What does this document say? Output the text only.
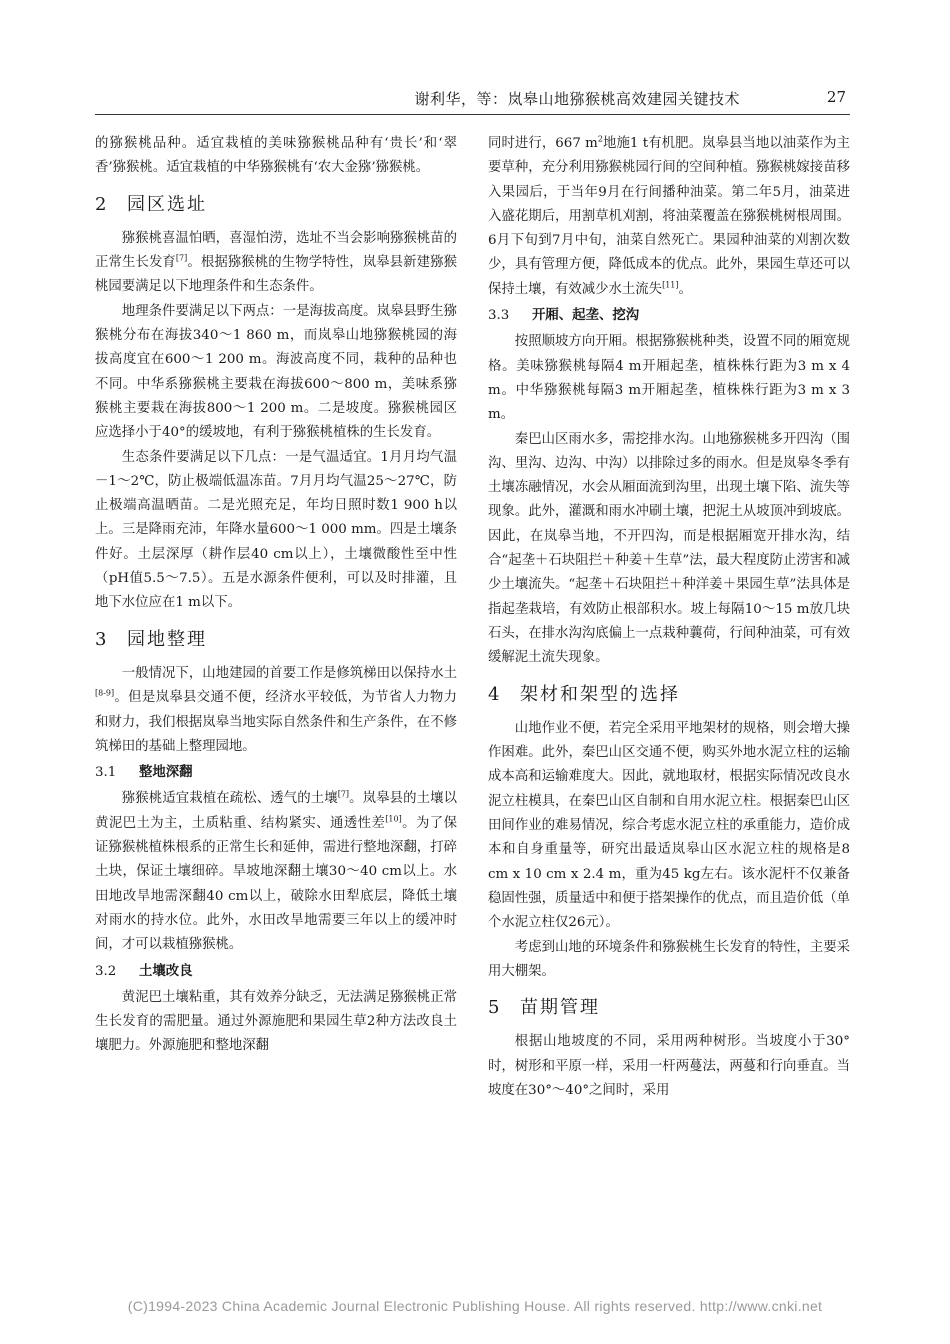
谢利华，等：岚皋山地猕猴桃高效建园关键技术	27

的猕猴桃品种。适宜栽植的美味猕猴桃品种有‘贵长’和‘翠香’猕猴桃。适宜栽植的中华猕猴桃有‘农大金猕’猕猴桃。

2 园区选址

猕猴桃喜温怕晒，喜湿怕涝，选址不当会影响猕猴桃苗的正常生长发育[7]。根据猕猴桃的生物学特性，岚皋县新建猕猴桃园要满足以下地理条件和生态条件。

地理条件要满足以下两点：一是海拔高度。岚皋县野生猕猴桃分布在海拔340～1 860 m，而岚皋山地猕猴桃园的海拔高度宜在600～1 200 m。海波高度不同，栽种的品种也不同。中华系猕猴桃主要栽在海拔600～800 m，美味系猕猴桃主要栽在海拔800～1 200 m。二是坡度。猕猴桃园区应选择小于40°的缓坡地，有利于猕猴桃植株的生长发育。

生态条件要满足以下几点：一是气温适宜。1月月均气温－1～2℃，防止极端低温冻苗。7月月均气温25～27℃，防止极端高温晒苗。二是光照充足，年均日照时数1 900 h以上。三是降雨充沛，年降水量600～1 000 mm。四是土壤条件好。土层深厚（耕作层40 cm以上），土壤微酸性至中性（pH值5.5～7.5）。五是水源条件便利，可以及时排灌，且地下水位应在1 m以下。

3 园地整理

一般情况下，山地建园的首要工作是修筑梯田以保持水土[8-9]。但是岚皋县交通不便，经济水平较低，为节省人力物力和财力，我们根据岚皋当地实际自然条件和生产条件，在不修筑梯田的基础上整理园地。

3.1 整地深翻

猕猴桃适宜栽植在疏松、透气的土壤[7]。岚皋县的土壤以黄泥巴土为主，土质粘重、结构紧实、通透性差[10]。为了保证猕猴桃植株根系的正常生长和延伸，需进行整地深翻，打碎土块，保证土壤细碎。旱坡地深翻土壤30～40 cm以上。水田地改旱地需深翻40 cm以上，破除水田犁底层，降低土壤对雨水的持水位。此外，水田改旱地需要三年以上的缓冲时间，才可以栽植猕猴桃。

3.2 土壤改良

黄泥巴土壤粘重，其有效养分缺乏，无法满足猕猴桃正常生长发育的需肥量。通过外源施肥和果园生草2种方法改良土壤肥力。外源施肥和整地深翻

同时进行，667 $m^2$地施1 t有机肥。岚皋县当地以油菜作为主要草种，充分利用猕猴桃园行间的空间种植。猕猴桃嫁接苗移入果园后，于当年9月在行间播种油菜。第二年5月，油菜进入盛花期后，用割草机刈割，将油菜覆盖在猕猴桃树根周围。6月下旬到7月中旬，油菜自然死亡。果园种油菜的刈割次数少，具有管理方便，降低成本的优点。此外，果园生草还可以保持土壤，有效减少水土流失[11]。

3.3 开厢、起垄、挖沟

按照顺坡方向开厢。根据猕猴桃种类，设置不同的厢宽规格。美味猕猴桃每隔4 m开厢起垄，植株株行距为3 m x 4 m。中华猕猴桃每隔3 m开厢起垄，植株株行距为3 m x 3 m。

秦巴山区雨水多，需挖排水沟。山地猕猴桃多开四沟（围沟、里沟、边沟、中沟）以排除过多的雨水。但是岚皋冬季有土壤冻融情况，水会从厢面流到沟里，出现土壤下陷、流失等现象。此外，灌溉和雨水冲刷土壤，把泥土从坡顶冲到坡底。因此，在岚皋当地，不开四沟，而是根据厢宽开排水沟，结合“起垄＋石块阻拦＋种姜＋生草”法，最大程度防止涝害和减少土壤流失。“起垄＋石块阻拦＋种洋姜＋果园生草”法具体是指起垄栽培，有效防止根部积水。坡上每隔10～15 m放几块石头，在排水沟沟底偏上一点栽种蘘荷，行间种油菜，可有效缓解泥土流失现象。

4 架材和架型的选择

山地作业不便，若完全采用平地架材的规格，则会增大操作困难。此外，秦巴山区交通不便，购买外地水泥立柱的运输成本高和运输难度大。因此，就地取材，根据实际情况改良水泥立柱模具，在秦巴山区自制和自用水泥立柱。根据秦巴山区田间作业的难易情况，综合考虑水泥立柱的承重能力，造价成本和自身重量等，研究出最适岚皋山区水泥立柱的规格是8 cm x 10 cm x 2.4 m，重为45 kg左右。该水泥杆不仅兼备稳固性强，质量适中和便于搭架操作的优点，而且造价低（单个水泥立柱仅26元）。

考虑到山地的环境条件和猕猴桃生长发育的特性，主要采用大棚架。

5 苗期管理

根据山地坡度的不同，采用两种树形。当坡度小于30°时，树形和平原一样，采用一杆两蔓法，两蔓和行向垂直。当坡度在30°～40°之间时，采用

(C)1994-2023 China Academic Journal Electronic Publishing House. All rights reserved. http://www.cnki.net
